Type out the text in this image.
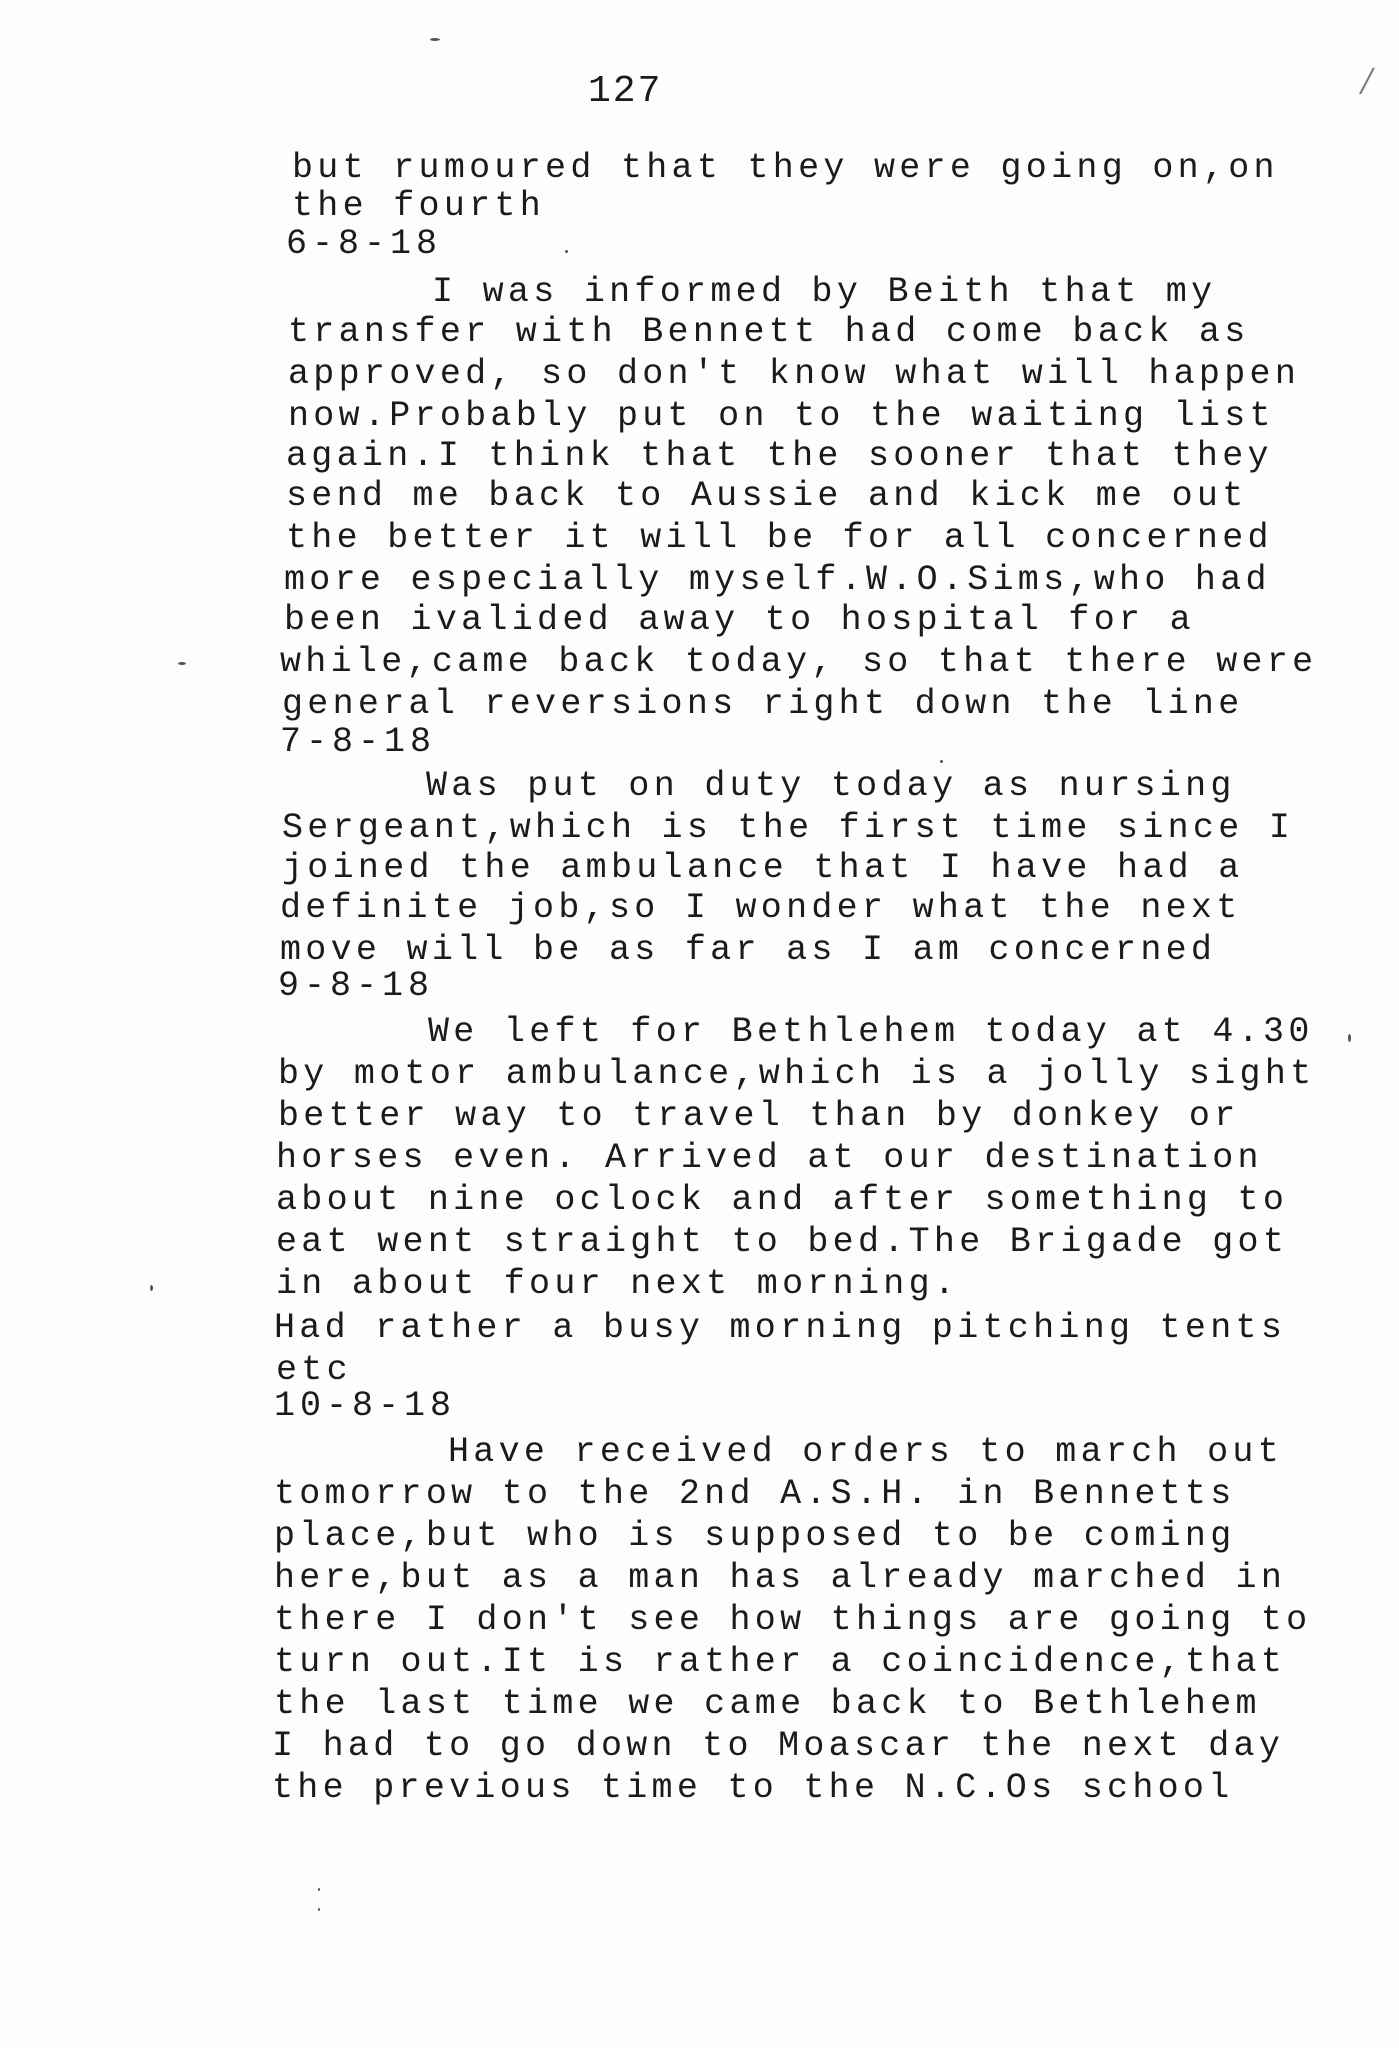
127
but rumoured that they were going on,on
the fourth
6-8-18
I was informed by Beith that my
transfer with Bennett had come back as
approved, so don't know what will happen
now.Probably put on to the waiting list
again.I think that the sooner that they
send me back to Aussie and kick me out
the better it will be for all concerned
more especially myself.W.O.Sims,who had
been ivalided away to hospital for a
while,came back today, so that there were
general reversions right down the line
7-8-18
Was put on duty today as nursing
Sergeant,which is the first time since I
joined the ambulance that I have had a
definite job,so I wonder what the next
move will be as far as I am concerned
9-8-18
We left for Bethlehem today at 4.30
by motor ambulance,which is a jolly sight
better way to travel than by donkey or
horses even. Arrived at our destination
about nine oclock and after something to
eat went straight to bed.The Brigade got
in about four next morning.
Had rather a busy morning pitching tents
etc
10-8-18
Have received orders to march out
tomorrow to the 2nd A.S.H. in Bennetts
place,but who is supposed to be coming
here,but as a man has already marched in
there I don't see how things are going to
turn out.It is rather a coincidence,that
the last time we came back to Bethlehem
I had to go down to Moascar the next day
the previous time to the N.C.Os school
⁄
